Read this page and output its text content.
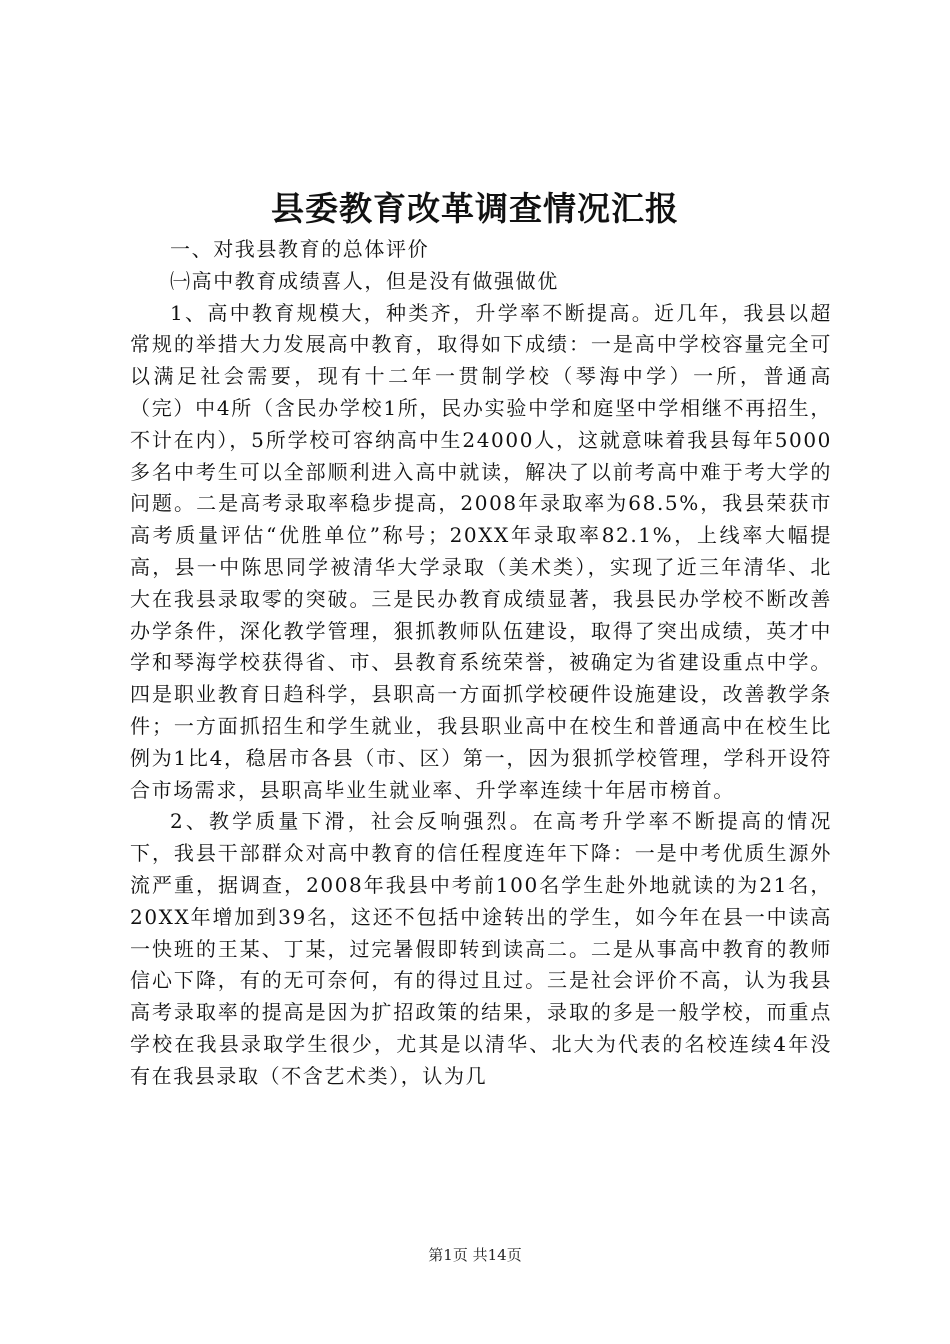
县委教育改革调查情况汇报

一、对我县教育的总体评价

㈠高中教育成绩喜人，但是没有做强做优

1、高中教育规模大，种类齐，升学率不断提高。近几年，我县以超常规的举措大力发展高中教育，取得如下成绩：一是高中学校容量完全可以满足社会需要，现有十二年一贯制学校（琴海中学）一所，普通高（完）中4所（含民办学校1所，民办实验中学和庭坚中学相继不再招生，不计在内），5所学校可容纳高中生24000人，这就意味着我县每年5000多名中考生可以全部顺利进入高中就读，解决了以前考高中难于考大学的问题。二是高考录取率稳步提高，2008年录取率为68.5%，我县荣获市高考质量评估“优胜单位”称号；20XX年录取率82.1%，上线率大幅提高，县一中陈思同学被清华大学录取（美术类），实现了近三年清华、北大在我县录取零的突破。三是民办教育成绩显著，我县民办学校不断改善办学条件，深化教学管理，狠抓教师队伍建设，取得了突出成绩，英才中学和琴海学校获得省、市、县教育系统荣誉，被确定为省建设重点中学。四是职业教育日趋科学，县职高一方面抓学校硬件设施建设，改善教学条件；一方面抓招生和学生就业，我县职业高中在校生和普通高中在校生比例为1比4，稳居市各县（市、区）第一，因为狠抓学校管理，学科开设符合市场需求，县职高毕业生就业率、升学率连续十年居市榜首。

2、教学质量下滑，社会反响强烈。在高考升学率不断提高的情况下，我县干部群众对高中教育的信任程度连年下降：一是中考优质生源外流严重，据调查，2008年我县中考前100名学生赴外地就读的为21名，20XX年增加到39名，这还不包括中途转出的学生，如今年在县一中读高一快班的王某、丁某，过完暑假即转到读高二。二是从事高中教育的教师信心下降，有的无可奈何，有的得过且过。三是社会评价不高，认为我县高考录取率的提高是因为扩招政策的结果，录取的多是一般学校，而重点学校在我县录取学生很少，尤其是以清华、北大为代表的名校连续4年没有在我县录取（不含艺术类），认为几

第1页 共14页
